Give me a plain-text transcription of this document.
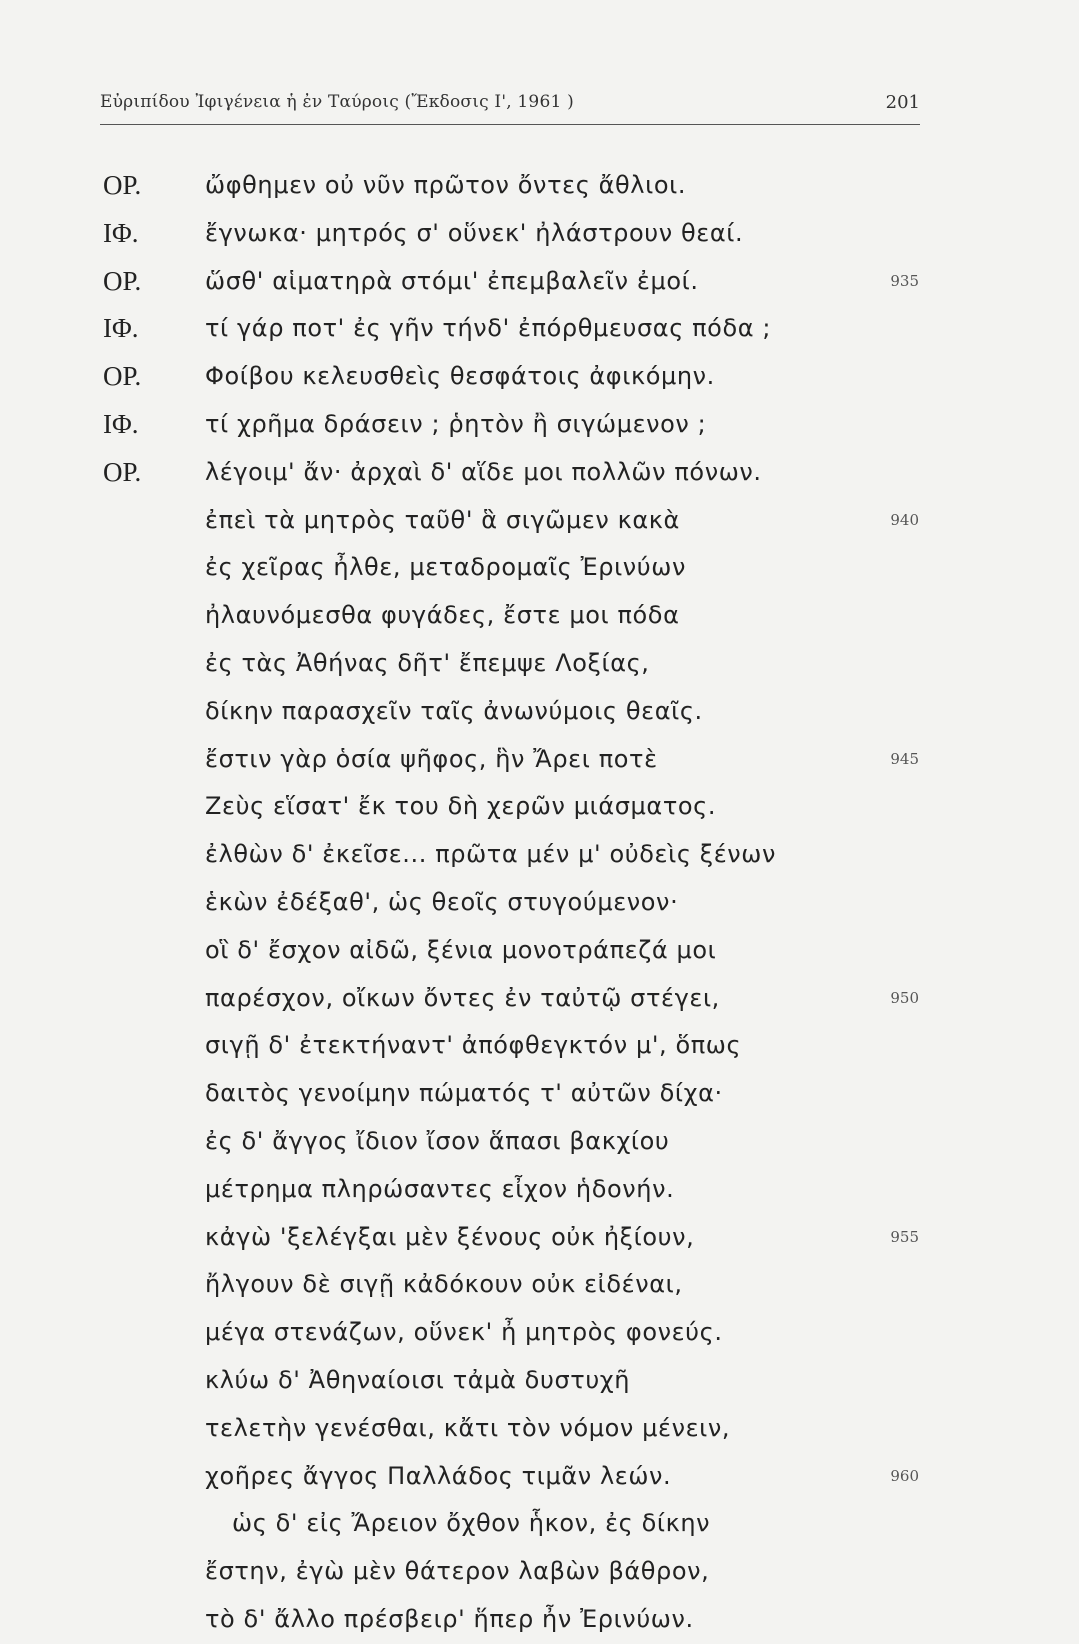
Εὐριπίδου Ἰφιγένεια ἡ ἐν Ταύροις (Ἔκδοσις Ι', 1961 )	201
ΟΡ.	ὤφθημεν οὐ νῦν πρῶτον ὄντες ἄθλιοι.
ΙΦ.	ἔγνωκα· μητρός σ' οὕνεκ' ἠλάστρουν θεαί.
ΟΡ.	ὥσθ' αἱματηρὰ στόμι' ἐπεμβαλεῖν ἐμοί.	935
ΙΦ.	τί γάρ ποτ' ἐς γῆν τήνδ' ἐπόρθμευσας πόδα ;
ΟΡ.	Φοίβου κελευσθεὶς θεσφάτοις ἀφικόμην.
ΙΦ.	τί χρῆμα δράσειν ; ῥητὸν ἢ σιγώμενον ;
ΟΡ.	λέγοιμ' ἄν· ἀρχαὶ δ' αἵδε μοι πολλῶν πόνων.
ἐπεὶ τὰ μητρὸς ταῦθ' ἃ σιγῶμεν κακὰ	940
ἐς χεῖρας ἦλθε, μεταδρομαῖς Ἐρινύων
ἠλαυνόμεσθα φυγάδες, ἔστε μοι πόδα
ἐς τὰς Ἀθήνας δῆτ' ἔπεμψε Λοξίας,
δίκην παρασχεῖν ταῖς ἀνωνύμοις θεαῖς.
ἔστιν γὰρ ὁσία ψῆφος, ἣν Ἄρει ποτὲ	945
Ζεὺς εἵσατ' ἔκ του δὴ χερῶν μιάσματος.
ἐλθὼν δ' ἐκεῖσε... πρῶτα μέν μ' οὐδεὶς ξένων
ἑκὼν ἐδέξαθ', ὡς θεοῖς στυγούμενον·
οἳ δ' ἔσχον αἰδῶ, ξένια μονοτράπεζά μοι
παρέσχον, οἴκων ὄντες ἐν ταὐτῷ στέγει,	950
σιγῇ δ' ἐτεκτήναντ' ἀπόφθεγκτόν μ', ὅπως
δαιτὸς γενοίμην πώματός τ' αὐτῶν δίχα·
ἐς δ' ἄγγος ἴδιον ἴσον ἅπασι βακχίου
μέτρημα πληρώσαντες εἶχον ἡδονήν.
κἀγὼ 'ξελέγξαι μὲν ξένους οὐκ ἠξίουν,	955
ἤλγουν δὲ σιγῇ κἀδόκουν οὐκ εἰδέναι,
μέγα στενάζων, οὕνεκ' ἦ μητρὸς φονεύς.
κλύω δ' Ἀθηναίοισι τἀμὰ δυστυχῆ
τελετὴν γενέσθαι, κἄτι τὸν νόμον μένειν,
χοῆρες ἄγγος Παλλάδος τιμᾶν λεών.	960
ὡς δ' εἰς Ἄρειον ὄχθον ἧκον, ἐς δίκην
ἔστην, ἐγὼ μὲν θάτερον λαβὼν βάθρον,
τὸ δ' ἄλλο πρέσβειρ' ἥπερ ἦν Ἐρινύων.
